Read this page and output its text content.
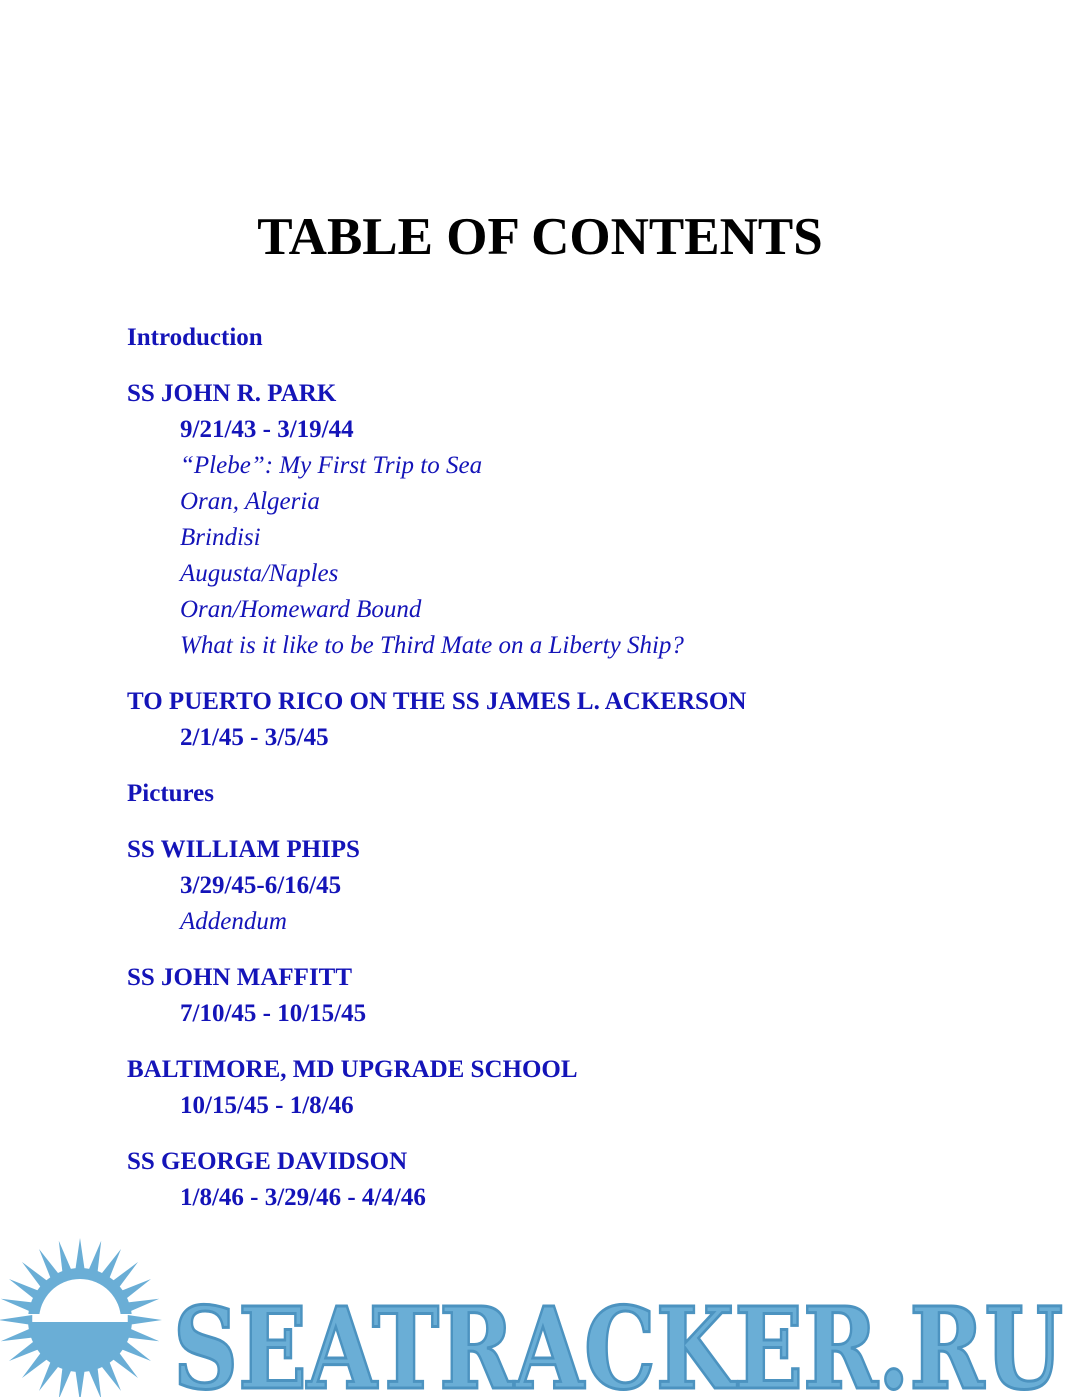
TABLE OF CONTENTS
Introduction
SS JOHN R. PARK
9/21/43 - 3/19/44
“Plebe”: My First Trip to Sea
Oran, Algeria
Brindisi
Augusta/Naples
Oran/Homeward Bound
What is it like to be Third Mate on a Liberty Ship?
TO PUERTO RICO ON THE SS JAMES L. ACKERSON
2/1/45 - 3/5/45
Pictures
SS WILLIAM PHIPS
3/29/45-6/16/45
Addendum
SS JOHN MAFFITT
7/10/45 - 10/15/45
BALTIMORE, MD UPGRADE SCHOOL
10/15/45 - 1/8/46
SS GEORGE DAVIDSON
1/8/46 - 3/29/46 - 4/4/46
SEATRACKER.RU
